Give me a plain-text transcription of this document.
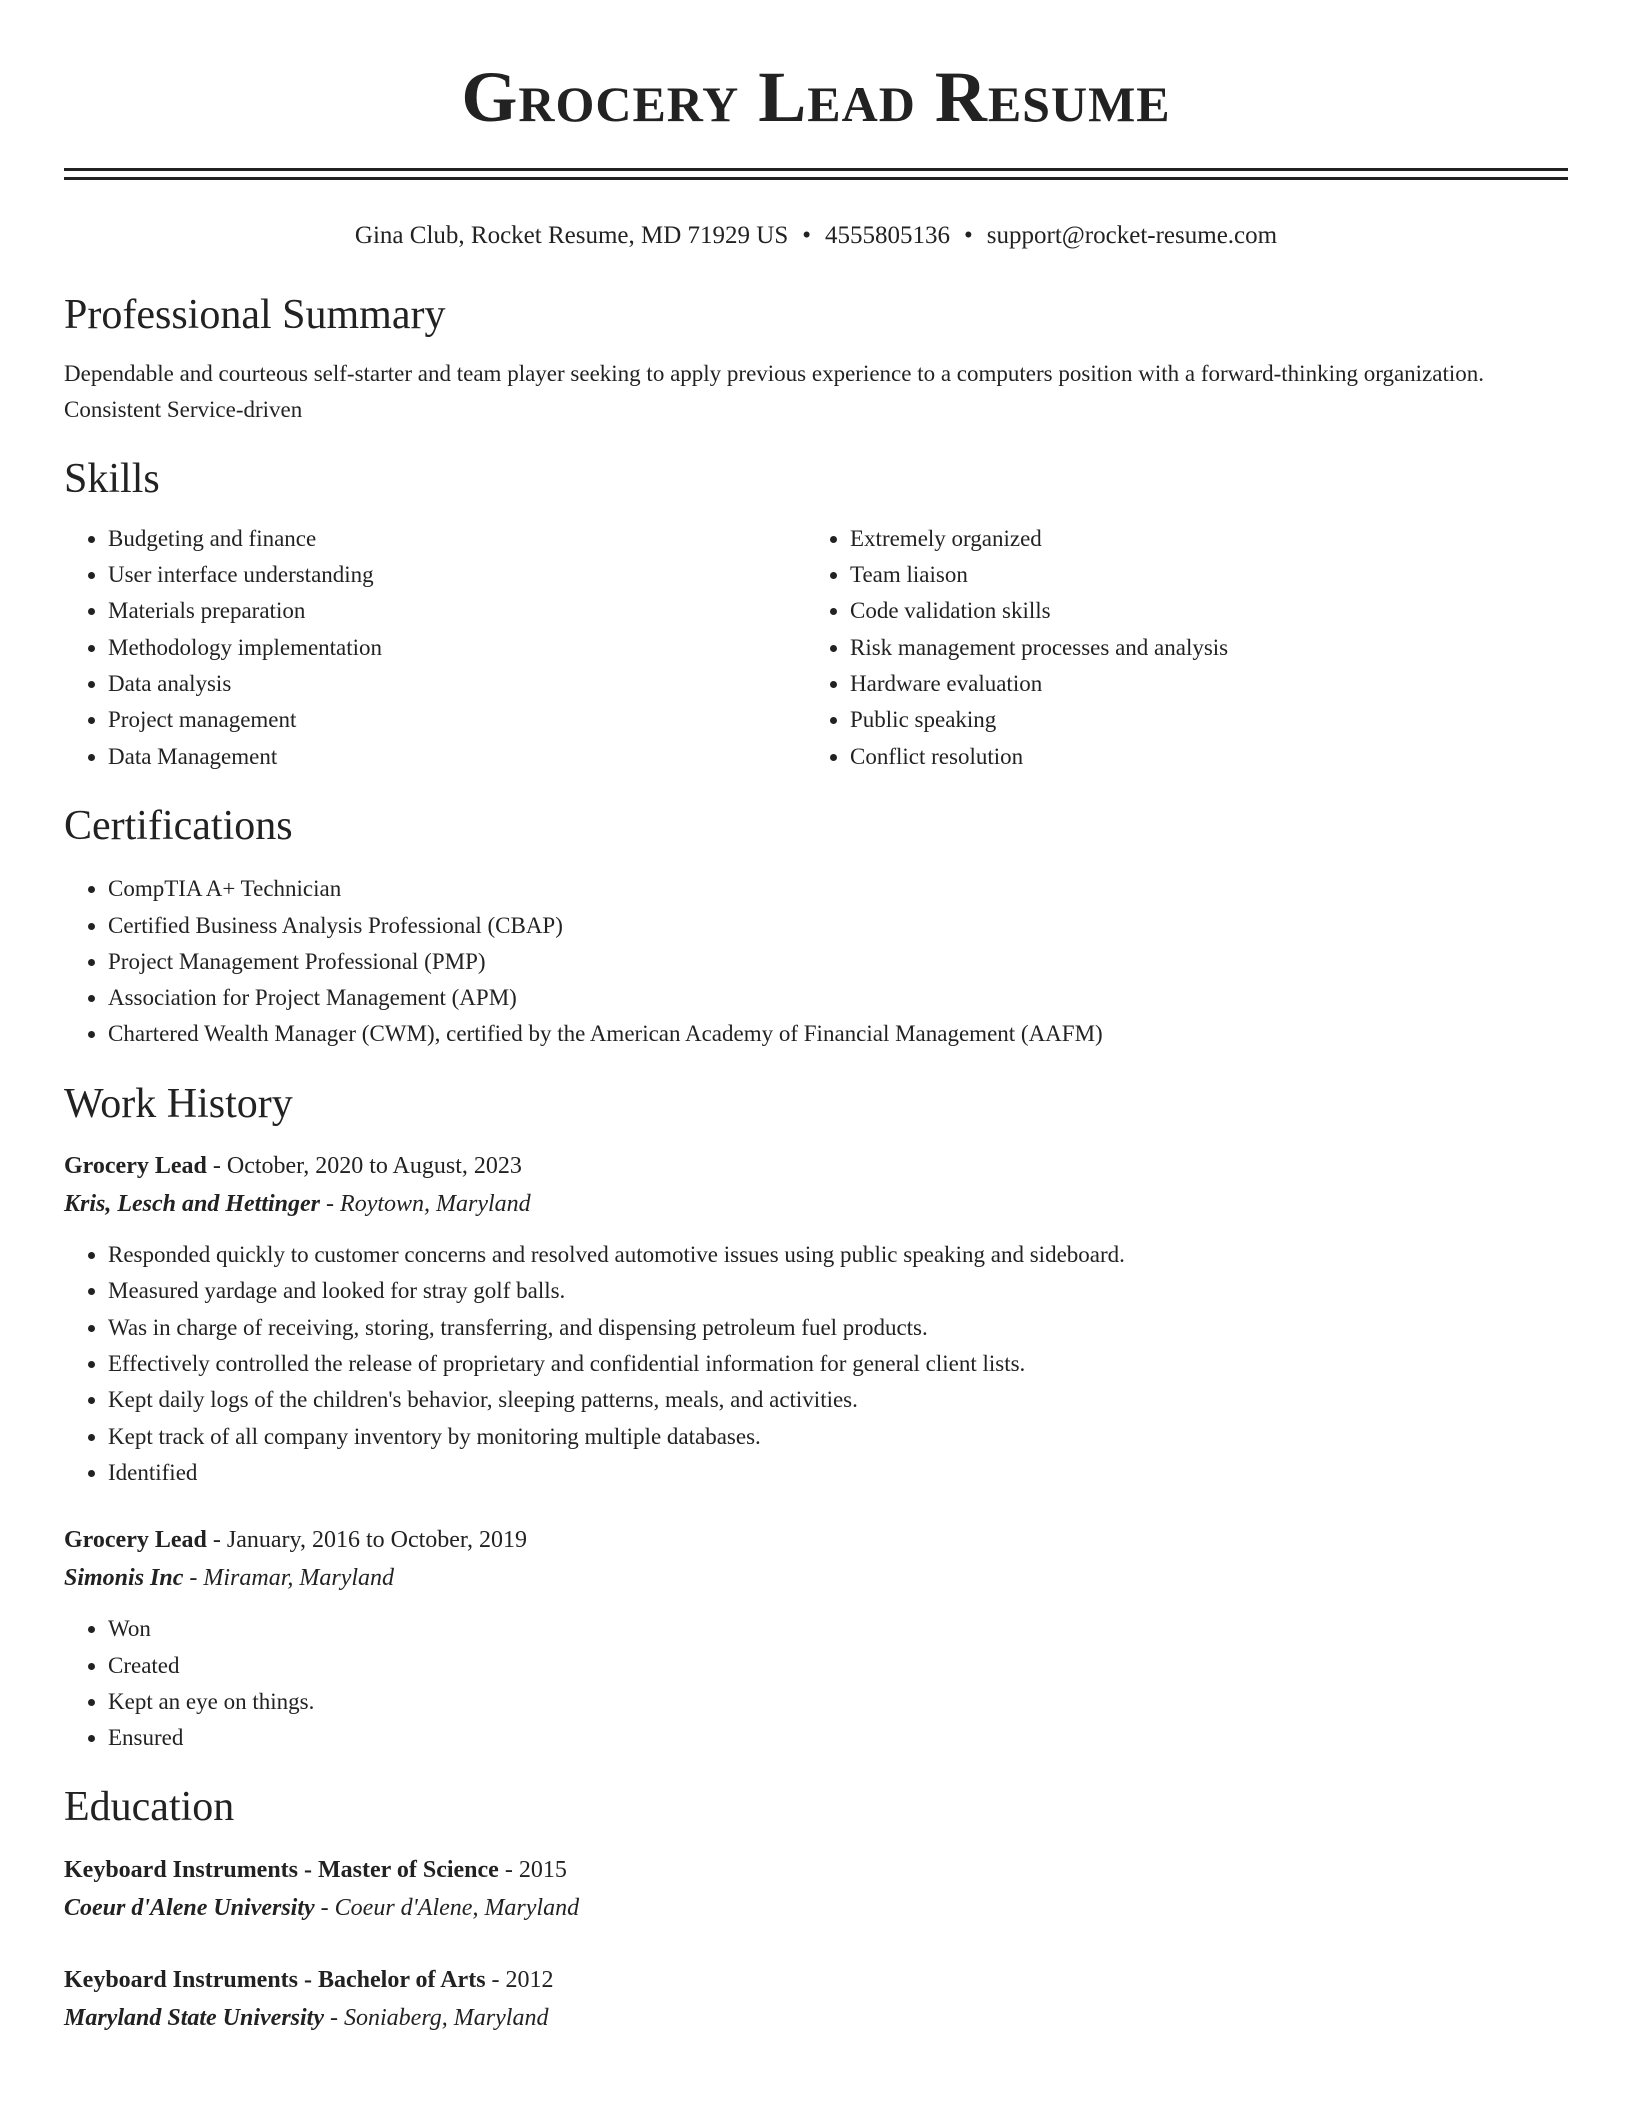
Grocery Lead Resume
Gina Club, Rocket Resume, MD 71929 US • 4555805136 • support@rocket-resume.com
Professional Summary

Dependable and courteous self-starter and team player seeking to apply previous experience to a computers position with a forward-thinking organization. Consistent Service-driven

Skills
• Budgeting and finance
• User interface understanding
• Materials preparation
• Methodology implementation
• Data analysis
• Project management
• Data Management
• Extremely organized
• Team liaison
• Code validation skills
• Risk management processes and analysis
• Hardware evaluation
• Public speaking
• Conflict resolution
Certifications
• CompTIA A+ Technician
• Certified Business Analysis Professional (CBAP)
• Project Management Professional (PMP)
• Association for Project Management (APM)
• Chartered Wealth Manager (CWM), certified by the American Academy of Financial Management (AAFM)
Work History
Grocery Lead - October, 2020 to August, 2023
Kris, Lesch and Hettinger - Roytown, Maryland
• Responded quickly to customer concerns and resolved automotive issues using public speaking and sideboard.
• Measured yardage and looked for stray golf balls.
• Was in charge of receiving, storing, transferring, and dispensing petroleum fuel products.
• Effectively controlled the release of proprietary and confidential information for general client lists.
• Kept daily logs of the children's behavior, sleeping patterns, meals, and activities.
• Kept track of all company inventory by monitoring multiple databases.
• Identified
Grocery Lead - January, 2016 to October, 2019
Simonis Inc - Miramar, Maryland
• Won
• Created
• Kept an eye on things.
• Ensured
Education
Keyboard Instruments - Master of Science - 2015
Coeur d'Alene University - Coeur d'Alene, Maryland
Keyboard Instruments - Bachelor of Arts - 2012
Maryland State University - Soniaberg, Maryland
